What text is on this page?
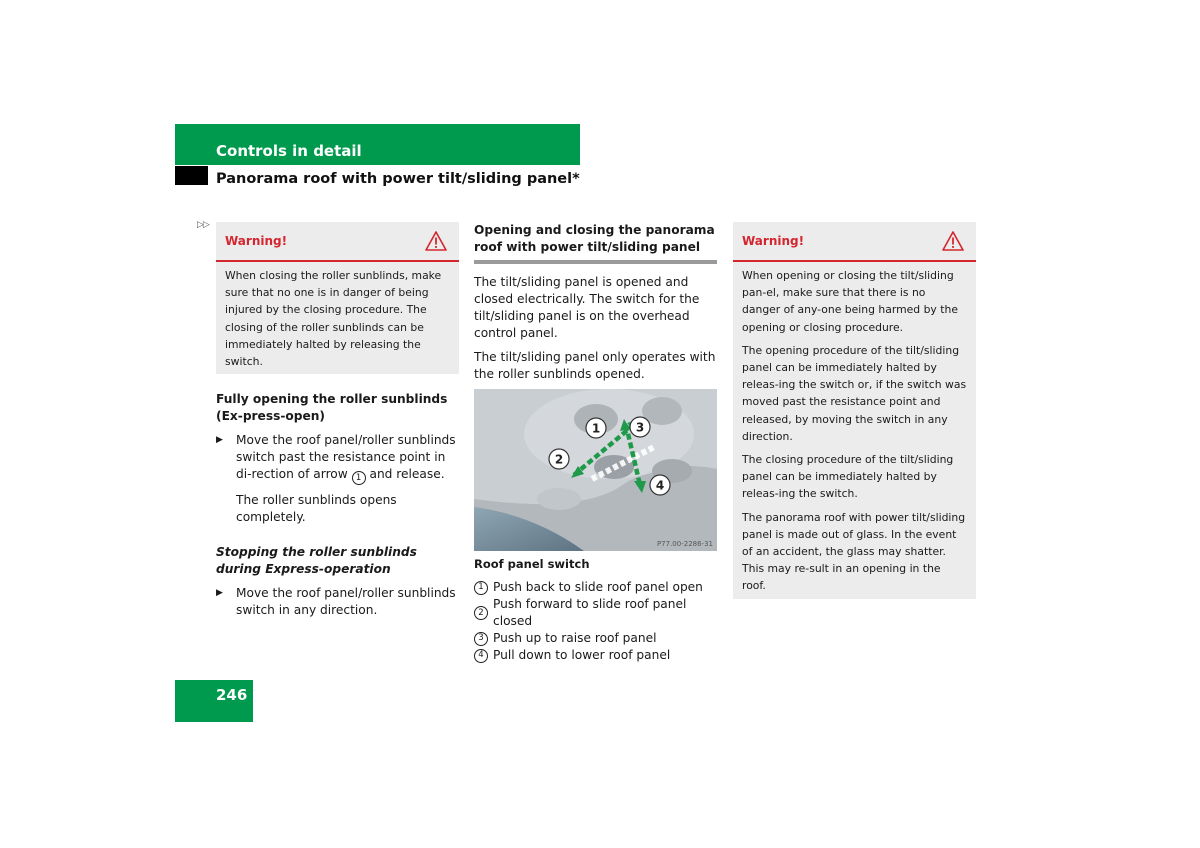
Controls in detail
Panorama roof with power tilt/sliding panel*
▷▷
Warning!

When closing the roller sunblinds, make sure that no one is in danger of being injured by the closing procedure. The closing of the roller sunblinds can be immediately halted by releasing the switch.

Fully opening the roller sunblinds (Ex-press-open)

▶	Move the roof panel/roller sunblinds switch past the resistance point in di-rection of arrow 1 and release.

The roller sunblinds opens completely.

Stopping the roller sunblinds during Express-operation

▶	Move the roof panel/roller sunblinds switch in any direction.

Opening and closing the panorama roof with power tilt/sliding panel

The tilt/sliding panel is opened and closed electrically. The switch for the tilt/sliding panel is on the overhead control panel.

The tilt/sliding panel only operates with the roller sunblinds opened.

1	3
2
4
P77.00-2286-31

Roof panel switch

1 Push back to slide roof panel open
2
Push forward to slide roof panel closed
3 Push up to raise roof panel
4 Pull down to lower roof panel
Warning!

When opening or closing the tilt/sliding pan-el, make sure that there is no danger of any-one being harmed by the opening or closing procedure.

The opening procedure of the tilt/sliding panel can be immediately halted by releas-ing the switch or, if the switch was moved past the resistance point and released, by moving the switch in any direction.

The closing procedure of the tilt/sliding panel can be immediately halted by releas-ing the switch.

The panorama roof with power tilt/sliding panel is made out of glass. In the event of an accident, the glass may shatter. This may re-sult in an opening in the roof.

246
